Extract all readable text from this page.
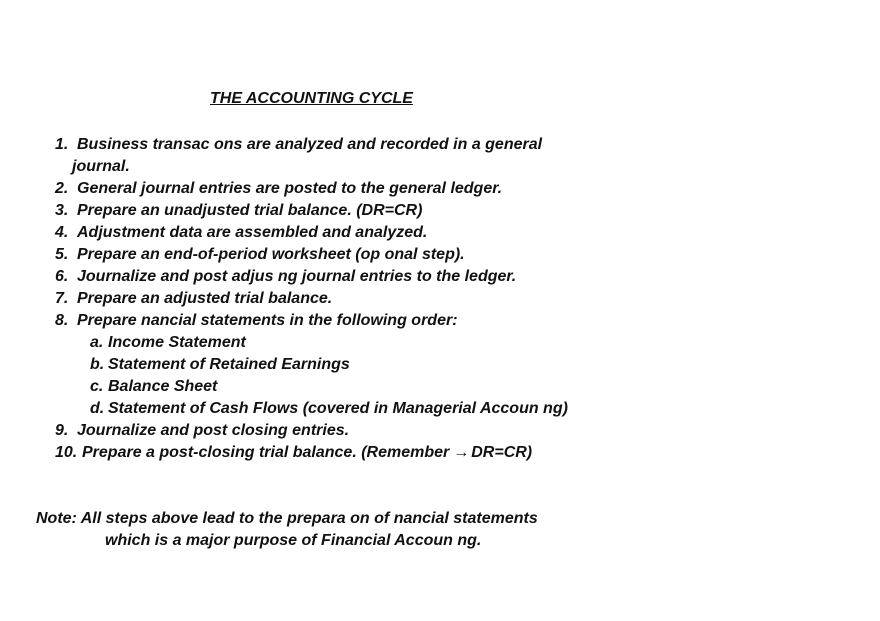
THE ACCOUNTING CYCLE
1. Business transac ons are analyzed and recorded in a general
journal.
2. General journal entries are posted to the general ledger.
3. Prepare an unadjusted trial balance. (DR=CR)
4. Adjustment data are assembled and analyzed.
5. Prepare an end-of-period worksheet (op onal step).
6. Journalize and post adjus ng journal entries to the ledger.
7. Prepare an adjusted trial balance.
8. Prepare nancial statements in the following order:
a. Income Statement
b. Statement of Retained Earnings
c. Balance Sheet
d. Statement of Cash Flows (covered in Managerial Accoun ng)
9. Journalize and post closing entries.
10. Prepare a post-closing trial balance. (Remember → DR=CR)
Note: All steps above lead to the prepara on of nancial statements
which is a major purpose of Financial Accoun ng.
